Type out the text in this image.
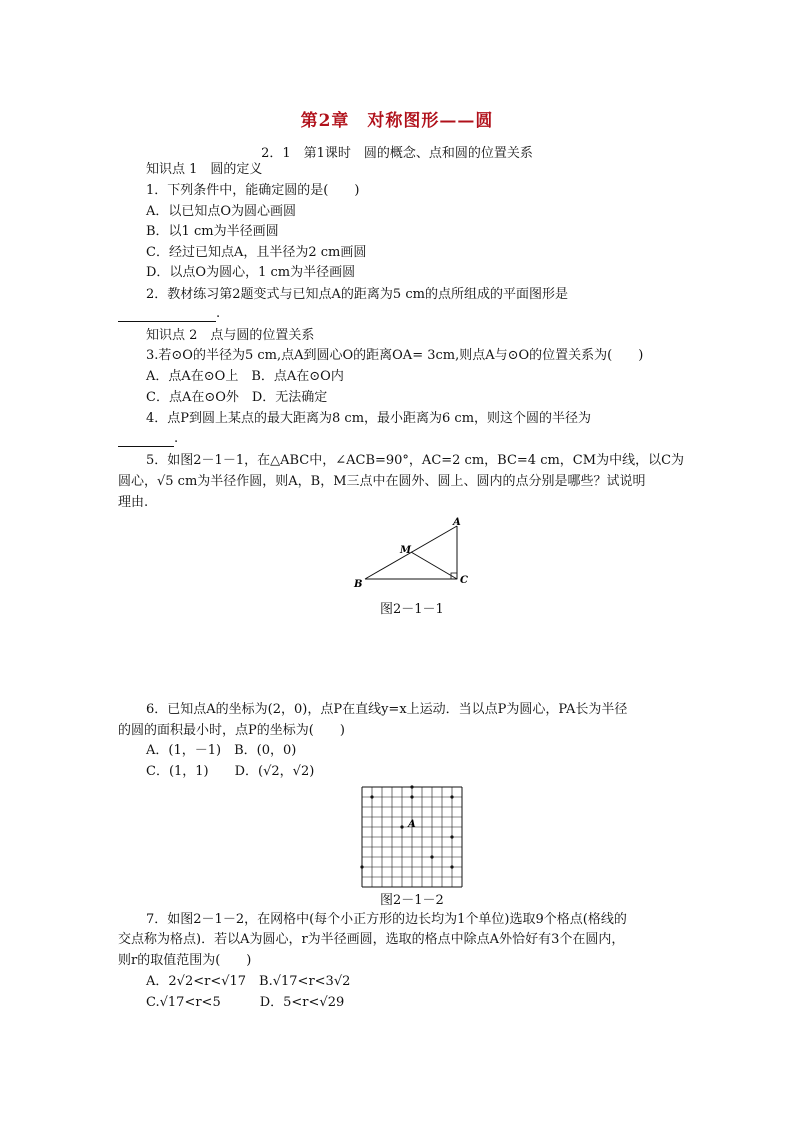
第2章　对称图形——圆
2．1　第1课时　圆的概念、点和圆的位置关系
知识点 1　圆的定义
1．下列条件中，能确定圆的是(　　)
A．以已知点O为圆心画圆
B．以1 cm为半径画圆
C．经过已知点A，且半径为2 cm画圆
D．以点O为圆心，1 cm为半径画圆
2．教材练习第2题变式与已知点A的距离为5 cm的点所组成的平面图形是
.
知识点 2　点与圆的位置关系
3.若⊙O的半径为5 cm,点A到圆心O的距离OA= 3cm,则点A与⊙O的位置关系为(　　)
A．点A在⊙O上　B．点A在⊙O内
C．点A在⊙O外　D．无法确定
4．点P到圆上某点的最大距离为8 cm，最小距离为6 cm，则这个圆的半径为
.
5．如图2－1－1，在△ABC中，∠ACB=90°，AC=2 cm，BC=4 cm，CM为中线，以C为
圆心，√5 cm为半径作圆，则A，B，M三点中在圆外、圆上、圆内的点分别是哪些？试说明
理由.
A
B	C
M
图2－1－1
6．已知点A的坐标为(2，0)，点P在直线y=x上运动．当以点P为圆心，PA长为半径
的圆的面积最小时，点P的坐标为(　　)
A．(1，－1)　B．(0，0)
C．(1，1)　　D．(√2，√2)
A
图2－1－2
7．如图2－1－2，在网格中(每个小正方形的边长均为1个单位)选取9个格点(格线的
交点称为格点)．若以A为圆心，r为半径画圆，选取的格点中除点A外恰好有3个在圆内，
则r的取值范围为(　　)
A．2√2<r<√17　B.√17<r<3√2
C.√17<r<5　　　D．5<r<√29
